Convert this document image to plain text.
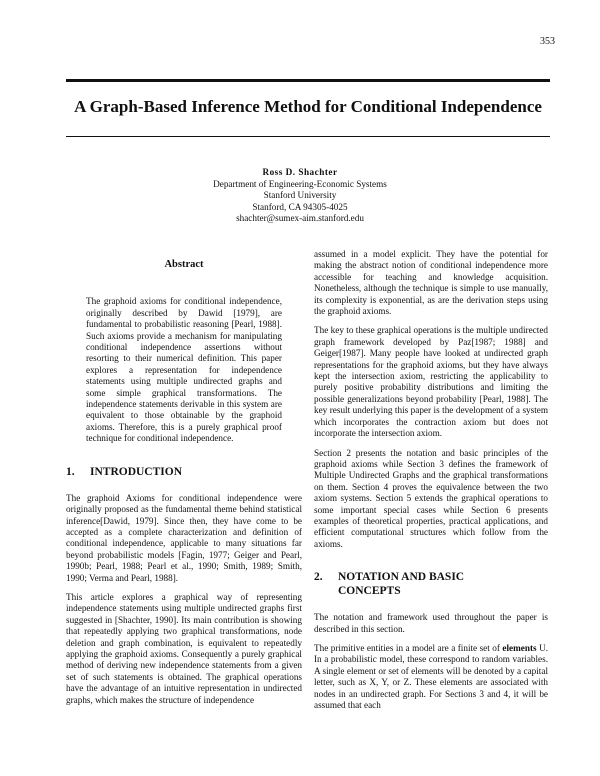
353
A Graph-Based Inference Method for Conditional Independence
Ross D. Shachter
Department of Engineering-Economic Systems
Stanford University
Stanford, CA 94305-4025
shachter@sumex-aim.stanford.edu
Abstract

The graphoid axioms for conditional independence, originally described by Dawid [1979], are fundamental to probabilistic reasoning [Pearl, 1988]. Such axioms provide a mechanism for manipulating conditional independence assertions without resorting to their numerical definition. This paper explores a representation for independence statements using multiple undirected graphs and some simple graphical transformations. The independence statements derivable in this system are equivalent to those obtainable by the graphoid axioms. Therefore, this is a purely graphical proof technique for conditional independence.

1. INTRODUCTION

The graphoid Axioms for conditional independence were originally proposed as the fundamental theme behind statistical inference[Dawid, 1979]. Since then, they have come to be accepted as a complete characterization and definition of conditional independence, applicable to many situations far beyond probabilistic models [Fagin, 1977; Geiger and Pearl, 1990b; Pearl, 1988; Pearl et al., 1990; Smith, 1989; Smith, 1990; Verma and Pearl, 1988].

This article explores a graphical way of representing independence statements using multiple undirected graphs first suggested in [Shachter, 1990]. Its main contribution is showing that repeatedly applying two graphical transformations, node deletion and graph combination, is equivalent to repeatedly applying the graphoid axioms. Consequently a purely graphical method of deriving new independence statements from a given set of such statements is obtained. The graphical operations have the advantage of an intuitive representation in undirected graphs, which makes the structure of independence

assumed in a model explicit. They have the potential for making the abstract notion of conditional independence more accessible for teaching and knowledge acquisition. Nonetheless, although the technique is simple to use manually, its complexity is exponential, as are the derivation steps using the graphoid axioms.

The key to these graphical operations is the multiple undirected graph framework developed by Paz[1987; 1988] and Geiger[1987]. Many people have looked at undirected graph representations for the graphoid axioms, but they have always kept the intersection axiom, restricting the applicability to purely positive probability distributions and limiting the possible generalizations beyond probability [Pearl, 1988]. The key result underlying this paper is the development of a system which incorporates the contraction axiom but does not incorporate the intersection axiom.

Section 2 presents the notation and basic principles of the graphoid axioms while Section 3 defines the framework of Multiple Undirected Graphs and the graphical transformations on them. Section 4 proves the equivalence between the two axiom systems. Section 5 extends the graphical operations to some important special cases while Section 6 presents examples of theoretical properties, practical applications, and efficient computational structures which follow from the axioms.

2. NOTATION AND BASIC
CONCEPTS

The notation and framework used throughout the paper is described in this section.

The primitive entities in a model are a finite set of elements U. In a probabilistic model, these correspond to random variables. A single element or set of elements will be denoted by a capital letter, such as X, Y, or Z. These elements are associated with nodes in an undirected graph. For Sections 3 and 4, it will be assumed that each
